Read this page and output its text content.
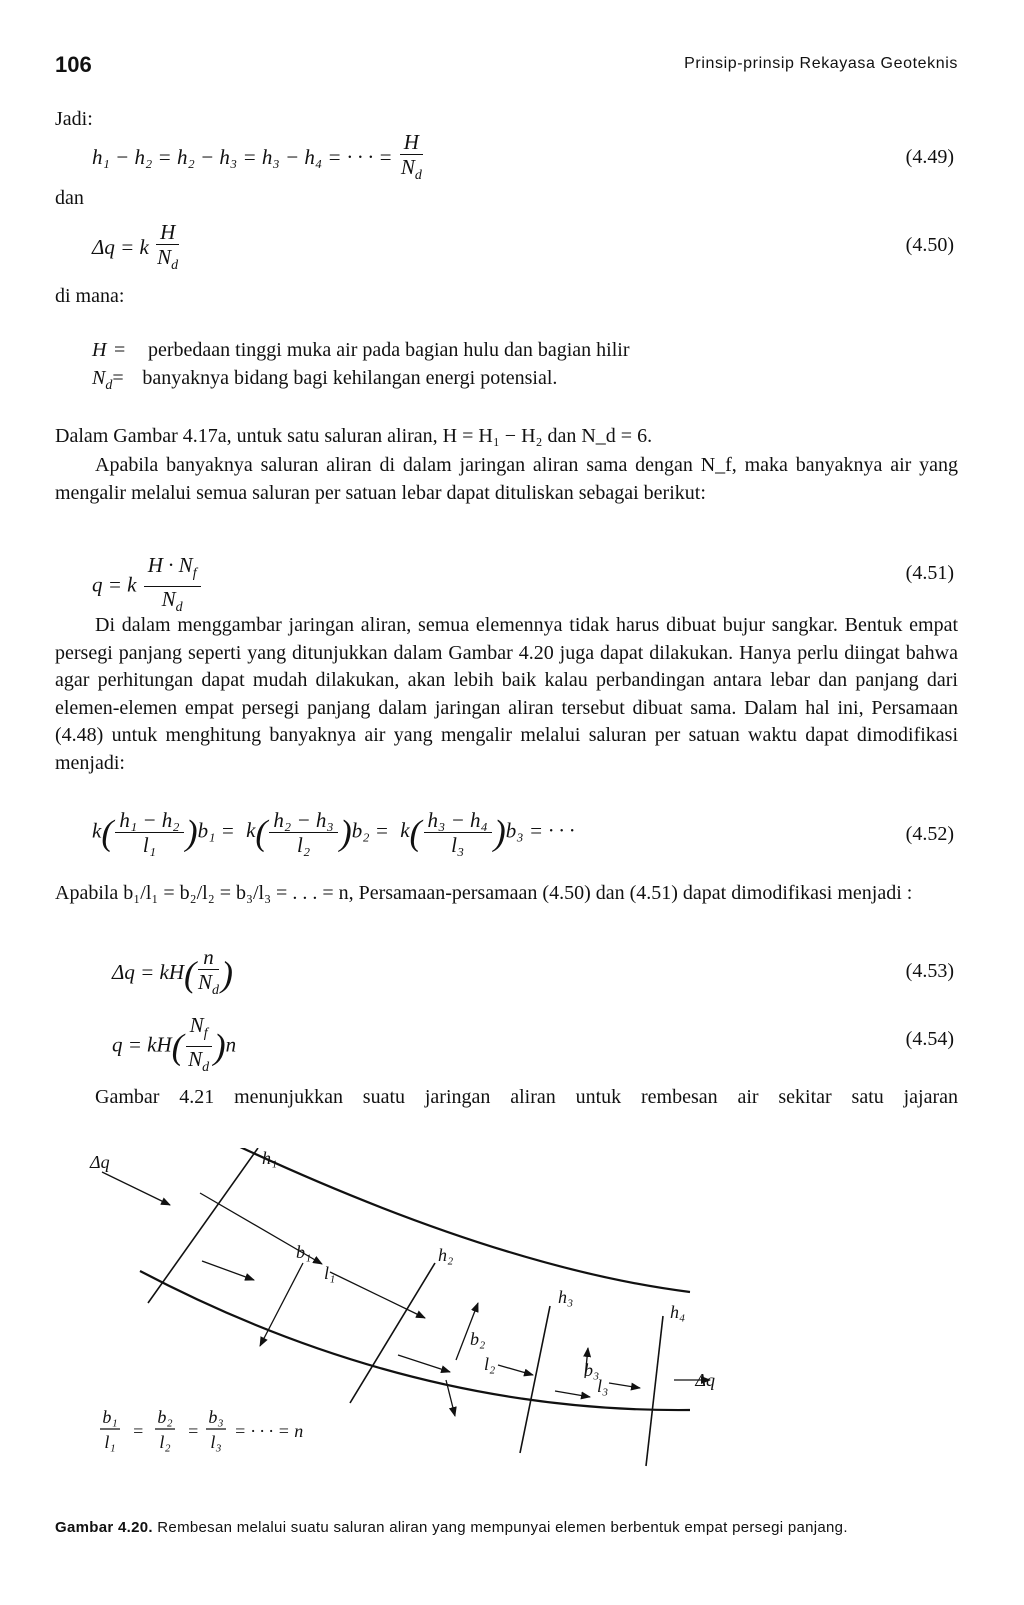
106	Prinsip-prinsip Rekayasa Geoteknis
Jadi:
h₁ − h₂ = h₂ − h₃ = h₃ − h₄ = · · · = $\frac{H}{N_d}$	(4.49)
dan
Δq = k $\frac{H}{N_d}$	(4.50)
di mana:
H = perbedaan tinggi muka air pada bagian hulu dan bagian hilir
$N_d=$ banyaknya bidang bagi kehilangan energi potensial.
Dalam Gambar 4.17a, untuk satu saluran aliran, H = H₁ − H₂ dan N_d = 6.
Apabila banyaknya saluran aliran di dalam jaringan aliran sama dengan N_f, maka banyaknya air yang mengalir melalui semua saluran per satuan lebar dapat dituliskan sebagai berikut:
q = k $\frac{H \cdot N_f}{N_d}$	(4.51)
Di dalam menggambar jaringan aliran, semua elemennya tidak harus dibuat bujur sangkar. Bentuk empat persegi panjang seperti yang ditunjukkan dalam Gambar 4.20 juga dapat dilakukan. Hanya perlu diingat bahwa agar perhitungan dapat mudah dilakukan, akan lebih baik kalau perbandingan antara lebar dan panjang dari elemen-elemen empat persegi panjang dalam jaringan aliran tersebut dibuat sama. Dalam hal ini, Persamaan (4.48) untuk menghitung banyaknya air yang mengalir melalui saluran per satuan waktu dapat dimodifikasi menjadi:
$k( \frac{\text{h₁ − h₂}}{\text{l₁}} )b_1 = k( \frac{\text{h₂ − h₃}}{\text{l₂}} )b_2 = k( \frac{\text{h₃ − h₄}}{\text{l₃}} )b_3$ = · · ·	(4.52)
Apabila b₁/l₁ = b₂/l₂ = b₃/l₃ = . . . = n, Persamaan-persamaan (4.50) dan (4.51) dapat dimodifikasi menjadi :
$\Delta q = kH( \frac{n}{N_d}$ )	(4.53)
$q = kH( \frac{N_f}{N_d} )n$	(4.54)
Gambar 4.21 menunjukkan suatu jaringan aliran untuk rembesan air sekitar satu jajaran
h₁
h₂
h₃
h₄
b₁
b₂
b₃
l₁
l₂
l₃
Δq
Δq
b₁
l₁
=
b₂
l₂
=
b₃
l₃
= · · · = n
Gambar 4.20. Rembesan melalui suatu saluran aliran yang mempunyai elemen berbentuk empat persegi panjang.
